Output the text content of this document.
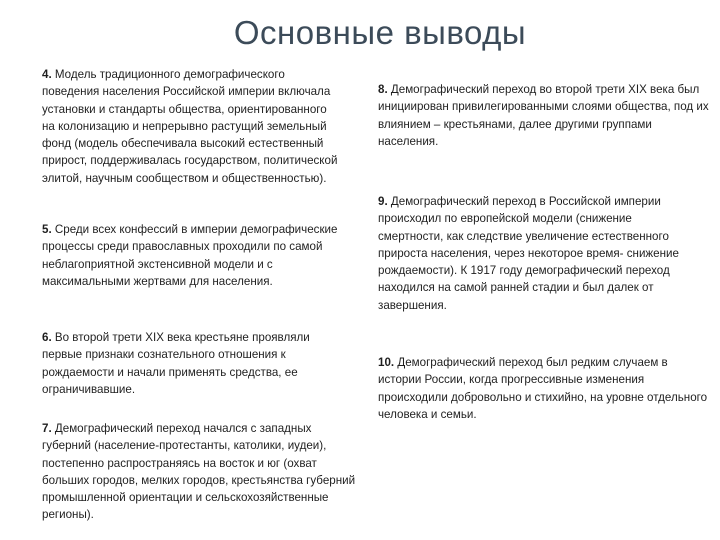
Основные выводы

4. Модель традиционного демографического поведения населения Российской империи включала установки и стандарты общества, ориентированного на колонизацию и непрерывно растущий земельный фонд (модель обеспечивала высокий естественный прирост, поддерживалась государством, политической элитой, научным сообществом и общественностью).

5. Среди всех конфессий в империи демографические процессы среди православных проходили по самой неблагоприятной экстенсивной модели и с максимальными жертвами для населения.

6. Во второй трети XIX века крестьяне проявляли первые признаки сознательного отношения к рождаемости и начали применять средства, ее ограничивавшие.

7. Демографический переход начался с западных губерний (население-протестанты, католики, иудеи), постепенно распространяясь на восток и юг (охват больших городов, мелких городов, крестьянства губерний промышленной ориентации и сельскохозяйственные регионы).

8. Демографический переход во второй трети XIX века был инициирован привилегированными слоями общества, под их влиянием – крестьянами, далее другими группами населения.

9. Демографический переход в Российской империи происходил по европейской модели (снижение смертности, как следствие увеличение естественного прироста населения, через некоторое время- снижение рождаемости). К 1917 году демографический переход находился на самой ранней стадии и был далек от завершения.

10. Демографический переход был редким случаем в истории России, когда прогрессивные изменения происходили добровольно и стихийно, на уровне отдельного человека и семьи.
